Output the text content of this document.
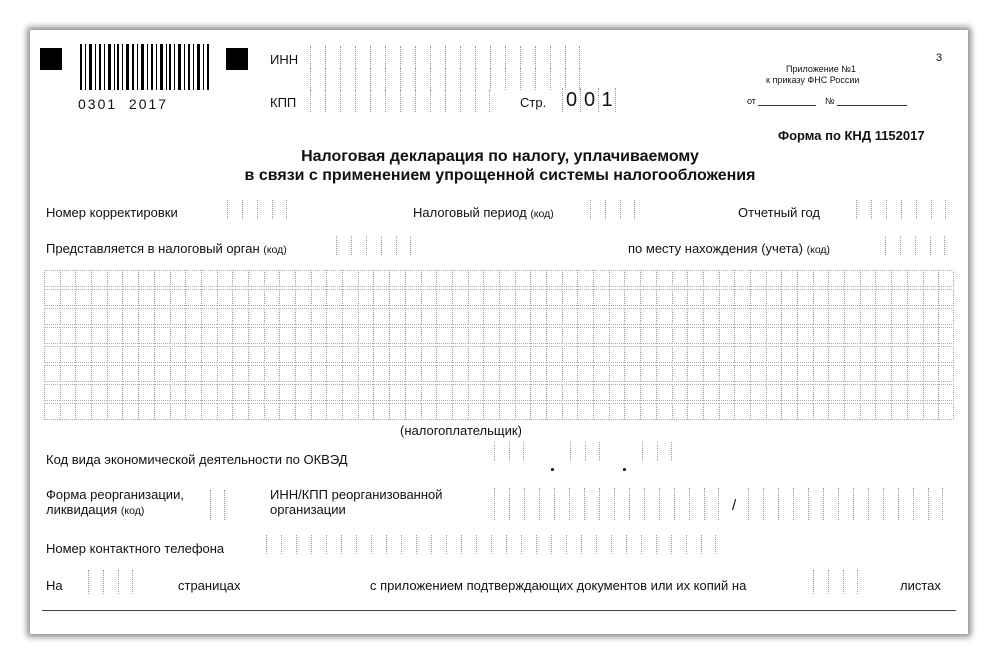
0301  2017
ИНН
КПП	Стр. 0 0 1
3
Приложение №1
к приказу ФНС России
от	№
Форма по КНД 1152017
Налоговая декларация по налогу, уплачиваемому
в связи с применением упрощенной системы налогообложения
Номер корректировки	Налоговый период (код)	Отчетный год
Представляется в налоговый орган (код)	по месту нахождения (учета) (код)
(налогоплательщик)
Код вида экономической деятельности по ОКВЭД
Форма реорганизации,
ликвидация (код)
ИНН/КПП реорганизованной
организации	/
Номер контактного телефона
На	страницах	с приложением подтверждающих документов или их копий на	листах
